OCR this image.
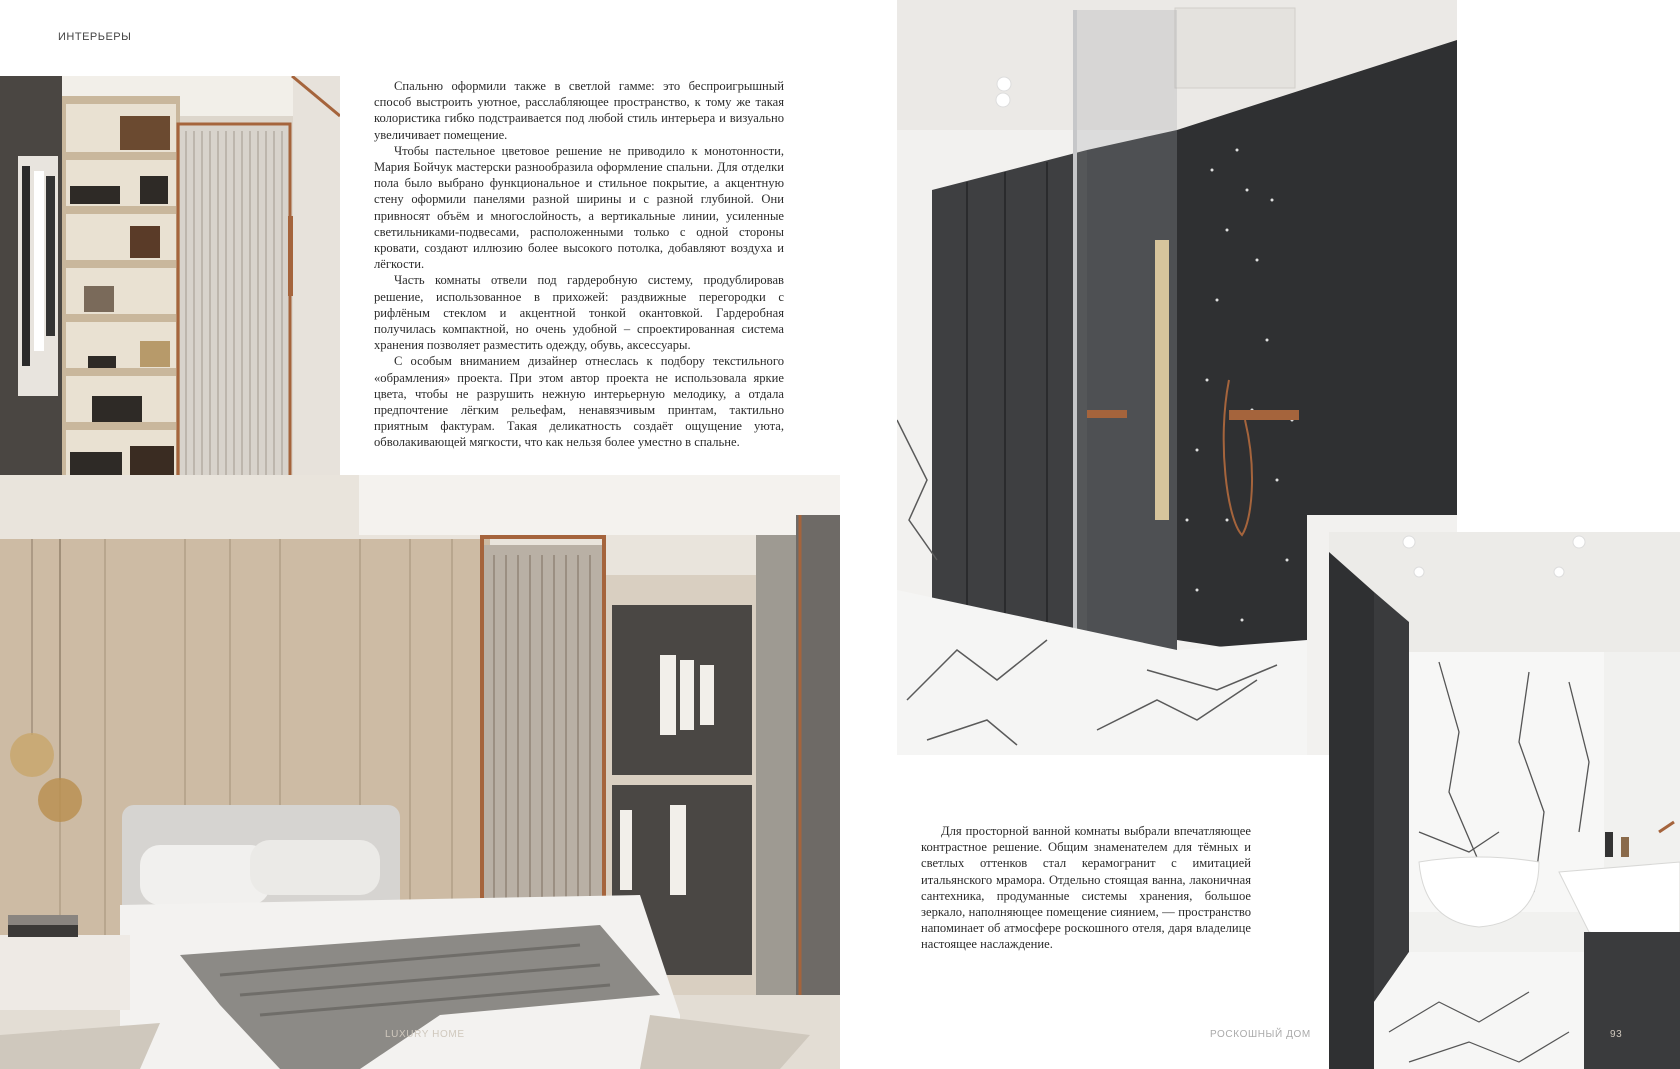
ИНТЕРЬЕРЫ

Спальню оформили также в светлой гамме: это беспроигрышный способ выстроить уютное, расслабляющее пространство, к тому же такая колористика гибко подстраивается под любой стиль интерьера и визуально увеличивает помещение.

Чтобы пастельное цветовое решение не приводило к монотонности, Мария Бойчук мастерски разнообразила оформление спальни. Для отделки пола было выбрано функциональное и стильное покрытие, а акцентную стену оформили панелями разной ширины и с разной глубиной. Они привносят объём и многослойность, а вертикальные линии, усиленные светильниками-подвесами, расположенными только с одной стороны кровати, создают иллюзию более высокого потолка, добавляют воздуха и лёгкости.

Часть комнаты отвели под гардеробную систему, продублировав решение, использованное в прихожей: раздвижные перегородки с рифлёным стеклом и акцентной тонкой окантовкой. Гардеробная получилась компактной, но очень удобной – спроектированная система хранения позволяет разместить одежду, обувь, аксессуары.

С особым вниманием дизайнер отнеслась к подбору текстильного «обрамления» проекта. При этом автор проекта не использовала яркие цвета, чтобы не разрушить нежную интерьерную мелодику, а отдала предпочтение лёгким рельефам, ненавязчивым принтам, тактильно приятным фактурам. Такая деликатность создаёт ощущение уюта, обволакивающей мягкости, что как нельзя более уместно в спальне.

Для просторной ванной комнаты выбрали впечатляющее контрастное решение. Общим знаменателем для тёмных и светлых оттенков стал керамогранит с имитацией итальянского мрамора. Отдельно стоящая ванна, лаконичная сантехника, продуманные системы хранения, большое зеркало, наполняющее помещение сиянием, — пространство напоминает об атмосфере роскошного отеля, даря владелице настоящее наслаждение.

92	LUXURY HOME	РОСКОШНЫЙ ДОМ	93
